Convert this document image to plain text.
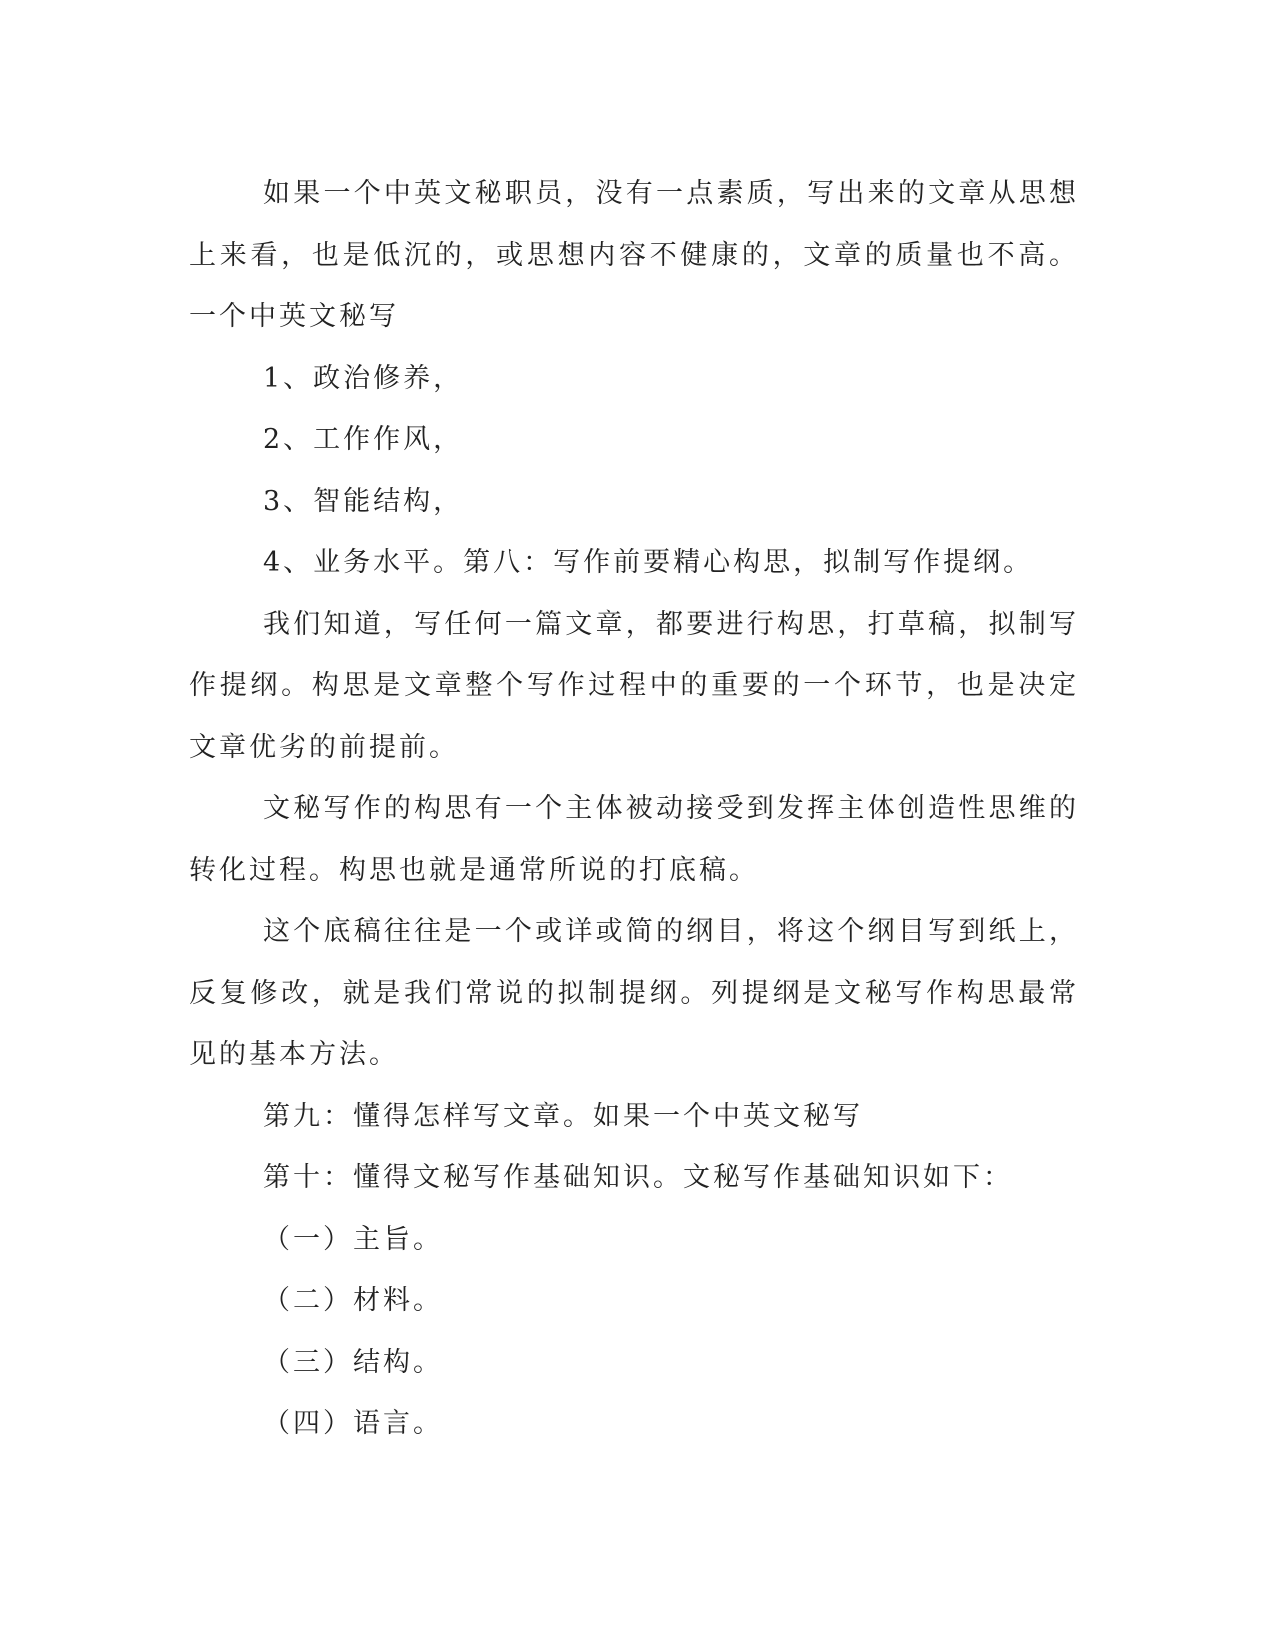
如果一个中英文秘职员，没有一点素质，写出来的文章从思想上来看，也是低沉的，或思想内容不健康的，文章的质量也不高。一个中英文秘写

1、政治修养，

2、工作作风，

3、智能结构，

4、业务水平。第八：写作前要精心构思，拟制写作提纲。

我们知道，写任何一篇文章，都要进行构思，打草稿，拟制写作提纲。构思是文章整个写作过程中的重要的一个环节，也是决定文章优劣的前提前。

文秘写作的构思有一个主体被动接受到发挥主体创造性思维的转化过程。构思也就是通常所说的打底稿。

这个底稿往往是一个或详或简的纲目，将这个纲目写到纸上，反复修改，就是我们常说的拟制提纲。列提纲是文秘写作构思最常见的基本方法。

第九：懂得怎样写文章。如果一个中英文秘写

第十：懂得文秘写作基础知识。文秘写作基础知识如下：

（一）主旨。

（二）材料。

（三）结构。

（四）语言。
